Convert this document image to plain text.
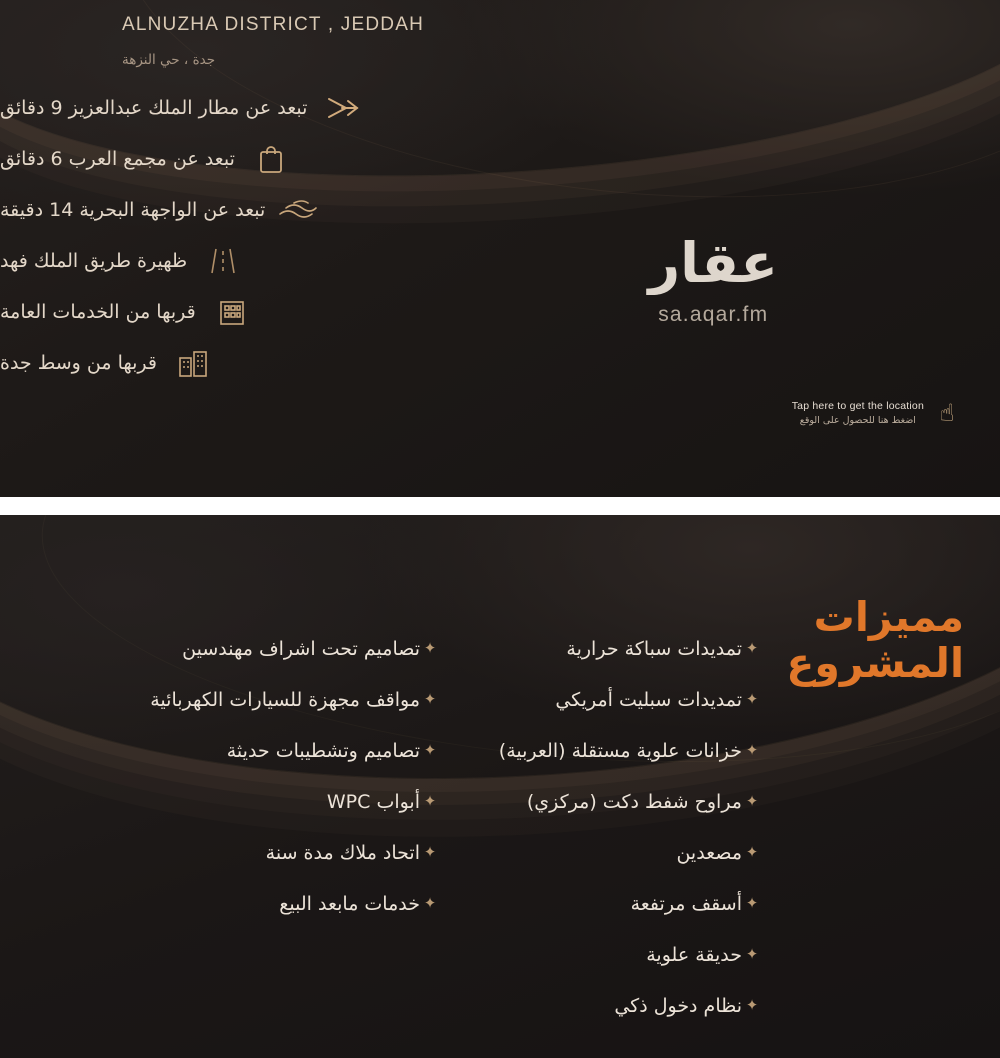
ALNUZHA DISTRICT , JEDDAH
جدة ، حي النزهة
تبعد عن مطار الملك عبدالعزيز 9 دقائق
تبعد عن مجمع العرب 6 دقائق
تبعد عن الواجهة البحرية 14 دقيقة
ظهيرة طريق الملك فهد
قربها من الخدمات العامة
قربها من وسط جدة
عقار
sa.aqar.fm
Tap here to get the location
اضغط هنا للحصول على الوقع ☝
مميزات
المشروع
✦
تمديدات سباكة حرارية
✦
تمديدات سبليت أمريكي
✦
خزانات علوية مستقلة (العربية)
✦
مراوح شفط دكت (مركزي)
✦
مصعدين
✦
أسقف مرتفعة
✦
حديقة علوية
✦
نظام دخول ذكي
✦
تصاميم تحت اشراف مهندسين
✦
مواقف مجهزة للسيارات الكهربائية
✦
تصاميم وتشطيبات حديثة
✦
أبواب WPC
✦
اتحاد ملاك مدة سنة
✦
خدمات مابعد البيع
